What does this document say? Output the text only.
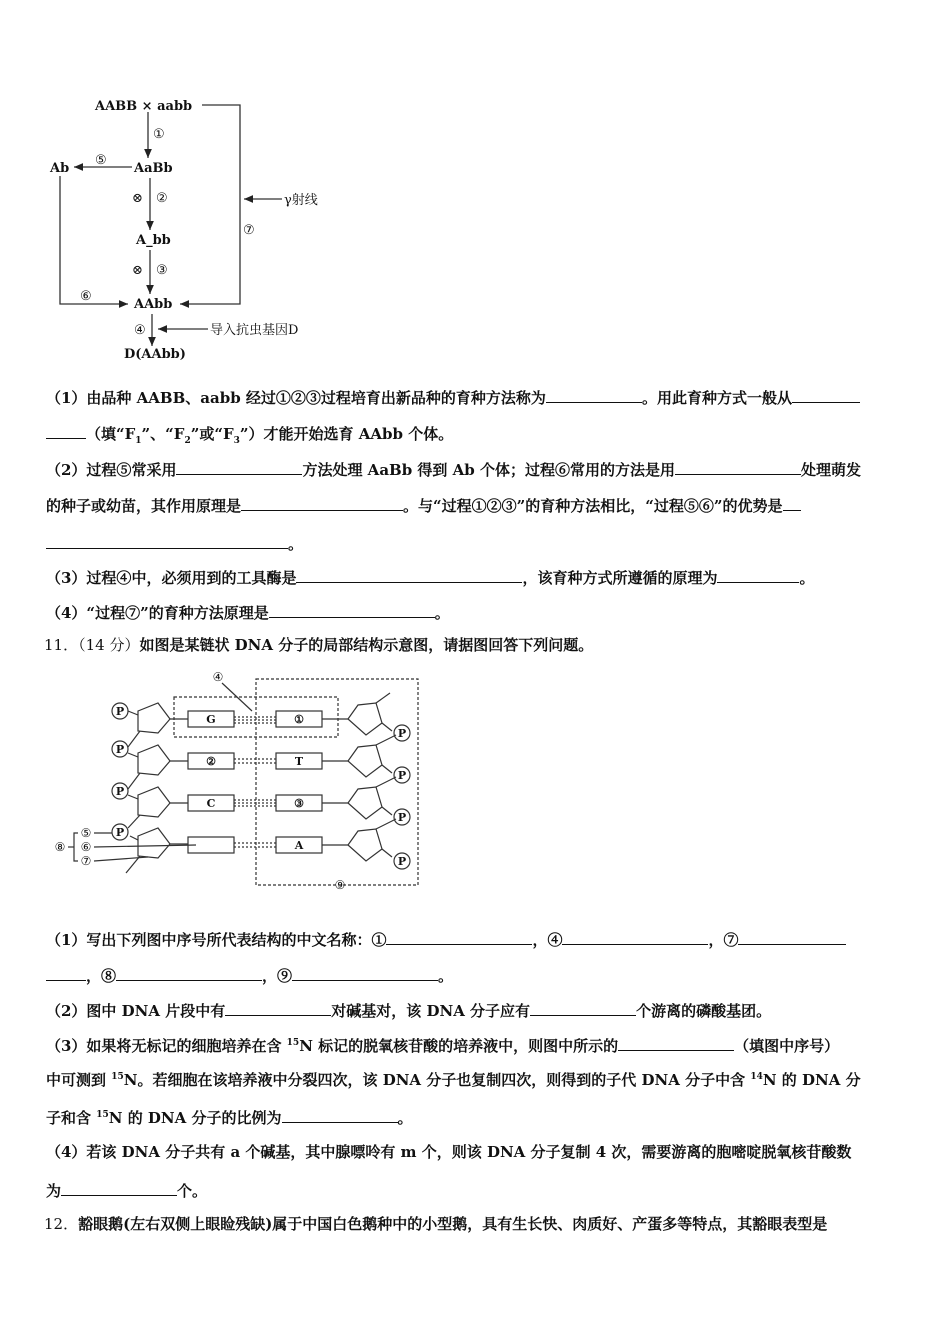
AABB × aabb
AaBb
Ab
A_bb
AAbb
D(AAbb)
γ射线
导入抗虫基因D
①
②
③
④
⑤
⑥
⑦
⊗
⊗
（1）由品种 AABB、aabb 经过①②③过程培育出新品种的育种方法称为	。用此育种方式一般从
（填“$F_1$”、“$F_2$”或“$F_3$”）才能开始选育 AAbb 个体。
（2）过程⑤常采用	方法处理 AaBb 得到 Ab 个体；过程⑥常用的方法是用	处理萌发
的种子或幼苗，其作用原理是	。与“过程①②③”的育种方法相比，“过程⑤⑥”的优势是
。
（3）过程④中，必须用到的工具酶是	，该育种方式所遵循的原理为	。
（4）“过程⑦”的育种方法原理是	。
11．（14 分）如图是某链状 DNA 分子的局部结构示意图，请据图回答下列问题。
P
P
P
P
P
P
P
P
G
②
C
①
T
③
A
④
⑤
⑥
⑦
⑧
⑨
（1）写出下列图中序号所代表结构的中文名称：①	，④	，⑦
，⑧	，⑨	。
（2）图中 DNA 片段中有	对碱基对，该 DNA 分子应有	个游离的磷酸基团。
（3）如果将无标记的细胞培养在含 $^{15}$N 标记的脱氧核苷酸的培养液中，则图中所示的	（填图中序号）
中可测到 $^{15}$N。若细胞在该培养液中分裂四次，该 DNA 分子也复制四次，则得到的子代 DNA 分子中含 $^{14}$N 的 DNA 分
子和含 $^{15}$N 的 DNA 分子的比例为	。
（4）若该 DNA 分子共有 a 个碱基，其中腺嘌呤有 m 个，则该 DNA 分子复制 4 次，需要游离的胞嘧啶脱氧核苷酸数
为	个。
12．豁眼鹅(左右双侧上眼睑残缺)属于中国白色鹅种中的小型鹅，具有生长快、肉质好、产蛋多等特点，其豁眼表型是
